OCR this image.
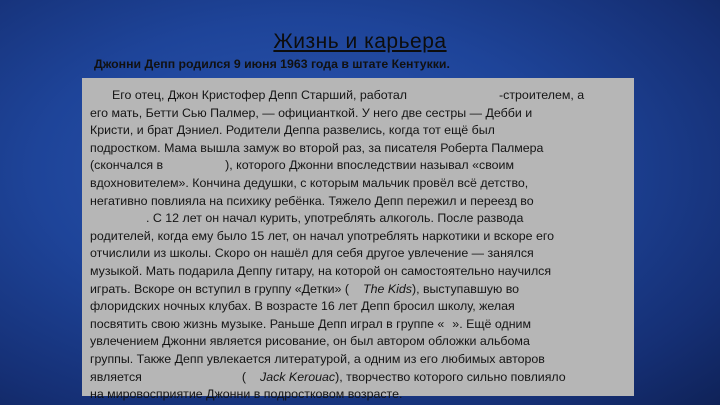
Жизнь и карьера

Джонни Депп родился 9 июня 1963 года в штате Кентукки.

Его отец, Джон Кристофер Депп Старший, работал	-строителем, а
его мать, Бетти Сью Палмер, — официанткой. У него две сестры — Дебби и
Кристи, и брат Дэниел. Родители Деппа развелись, когда тот ещё был
подростком. Мама вышла замуж во второй раз, за писателя Роберта Палмера
(скончался в	), которого Джонни впоследствии называл «своим
вдохновителем». Кончина дедушки, с которым мальчик провёл всё детство,
негативно повлияла на психику ребёнка. Тяжело Депп пережил и переезд во
. С 12 лет он начал курить, употреблять алкоголь. После развода
родителей, когда ему было 15 лет, он начал употреблять наркотики и вскоре его
отчислили из школы. Скоро он нашёл для себя другое увлечение — занялся
музыкой. Мать подарила Деппу гитару, на которой он самостоятельно научился
играть. Вскоре он вступил в группу «Детки» ( The Kids), выступавшую во
флоридских ночных клубах. В возрасте 16 лет Депп бросил школу, желая
посвятить свою жизнь музыке. Раньше Депп играл в группе « ». Ещё одним
увлечением Джонни является рисование, он был автором обложки альбома
группы. Также Депп увлекается литературой, а одним из его любимых авторов
является	( Jack Kerouac), творчество которого сильно повлияло
на мировосприятие Джонни в подростковом возрасте.
